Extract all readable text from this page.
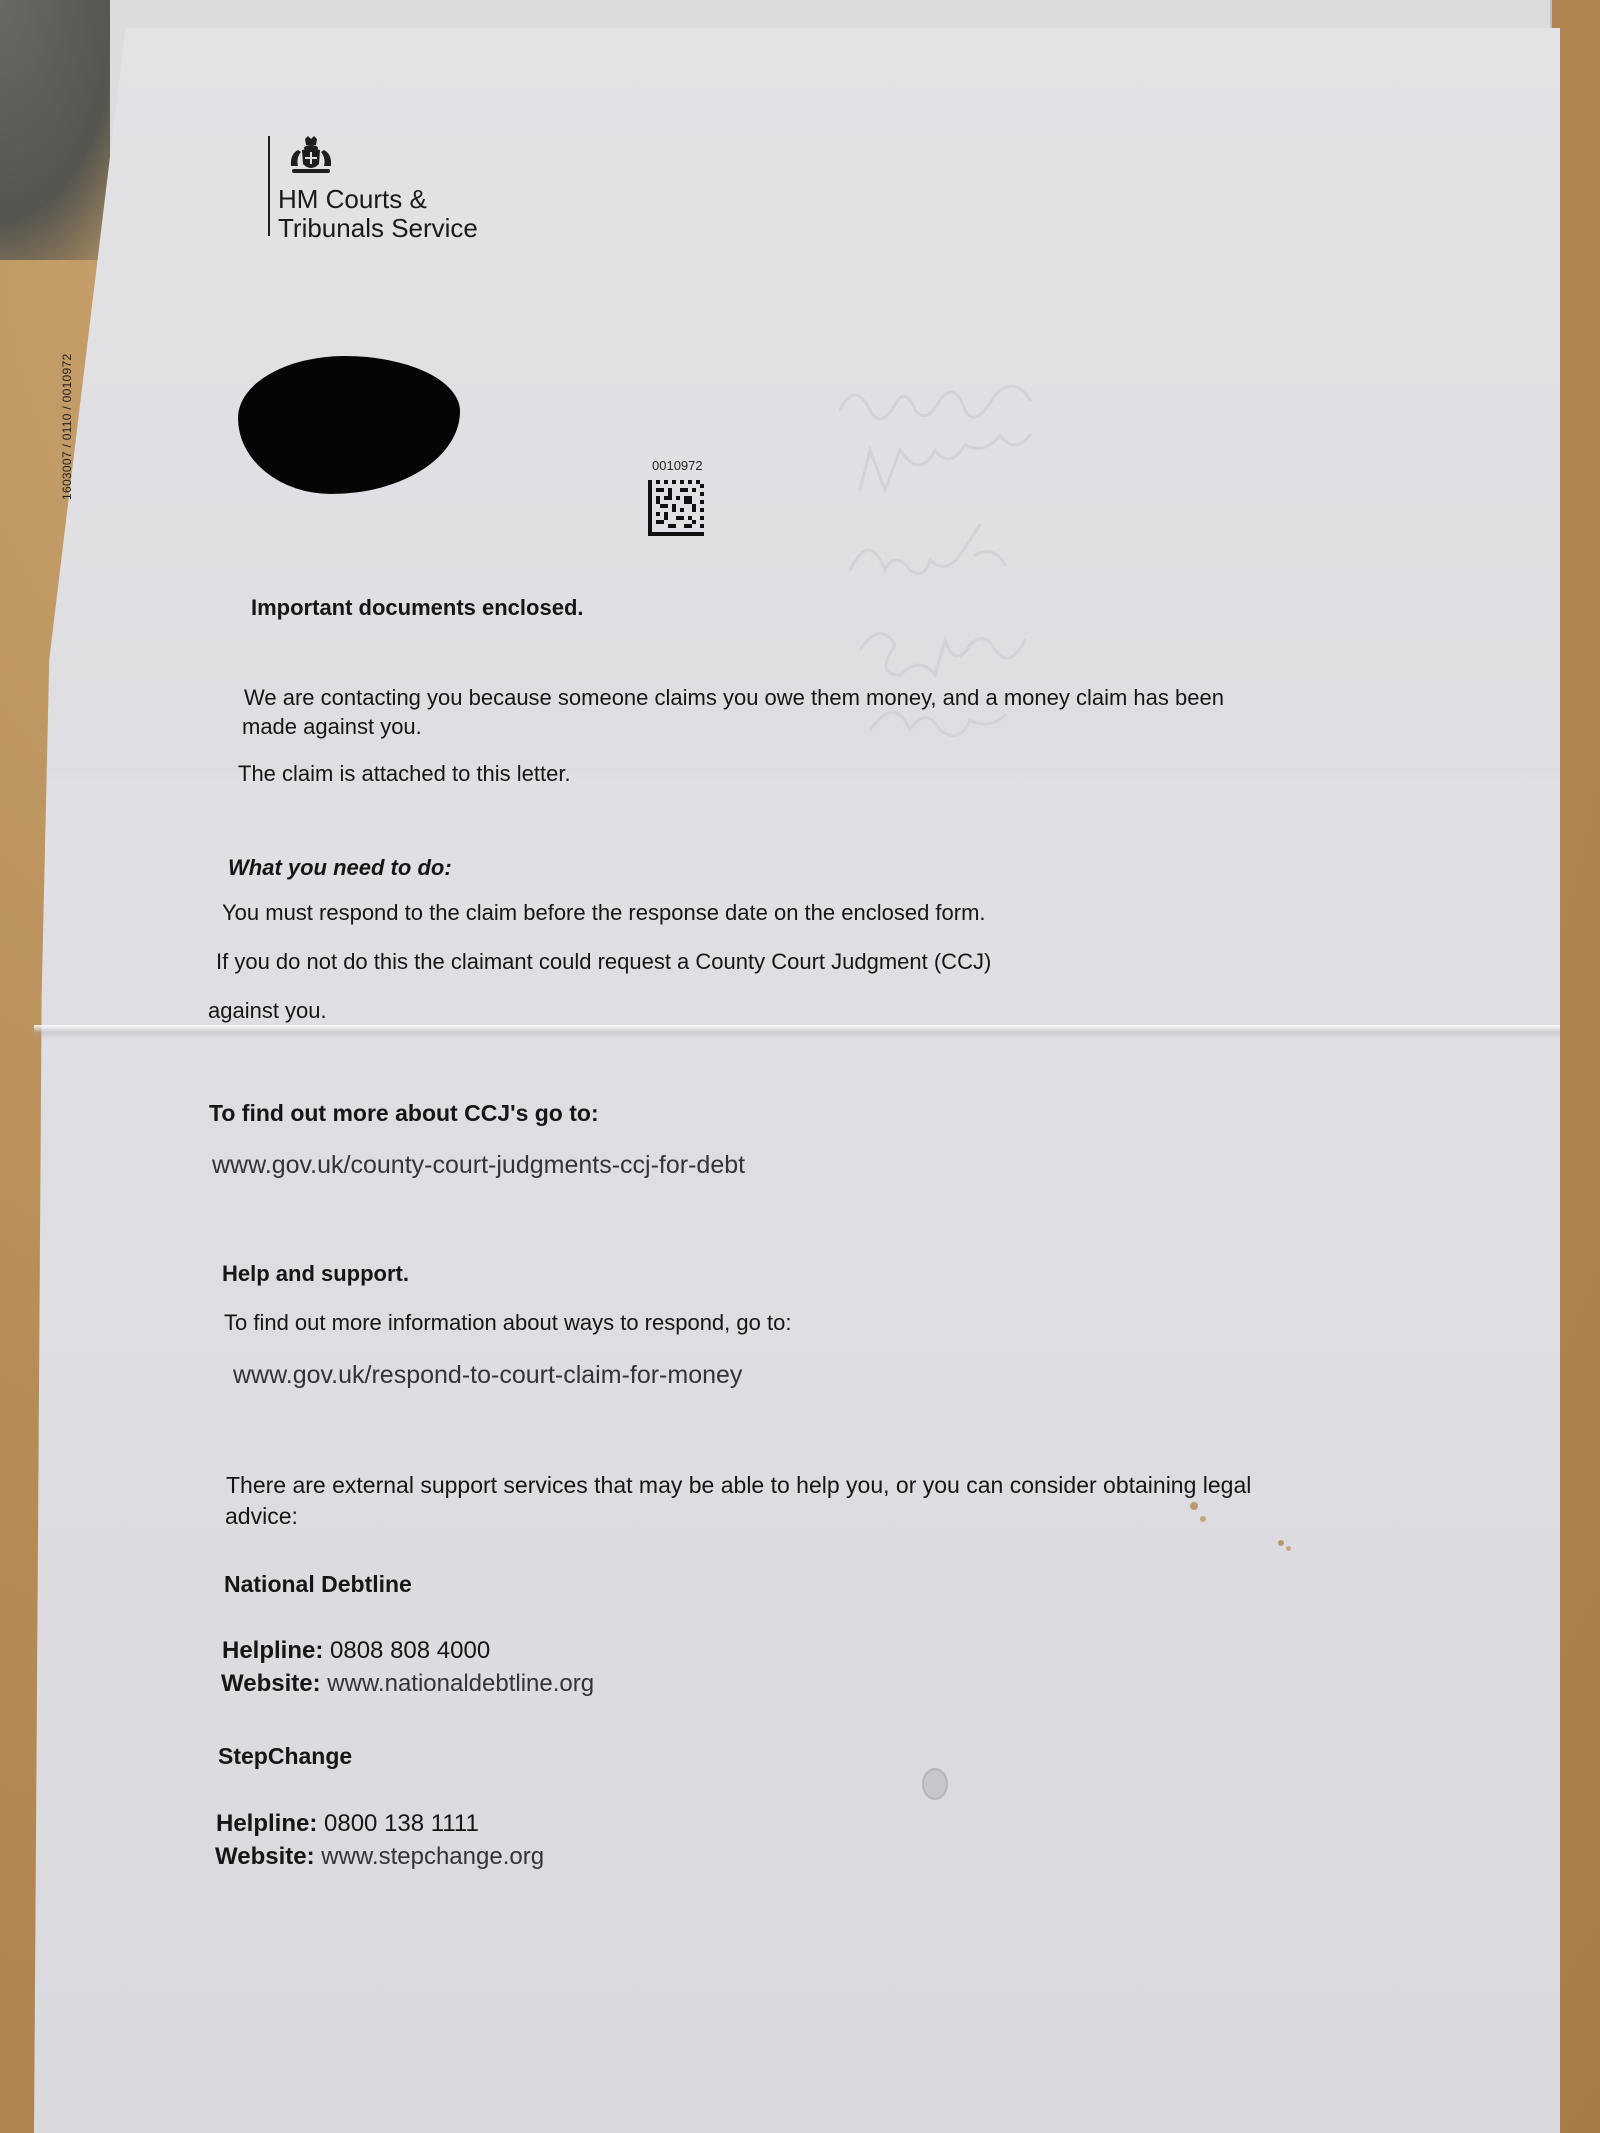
HM Courts &
Tribunals Service
1603007 / 0110 / 0010972	0010972
Important documents enclosed.
We are contacting you because someone claims you owe them money, and a money claim has been
made against you.
The claim is attached to this letter.
What you need to do:
You must respond to the claim before the response date on the enclosed form.
If you do not do this the claimant could request a County Court Judgment (CCJ)
against you.
To find out more about CCJ's go to:
www.gov.uk/county-court-judgments-ccj-for-debt
Help and support.
To find out more information about ways to respond, go to:
www.gov.uk/respond-to-court-claim-for-money
There are external support services that may be able to help you, or you can consider obtaining legal
advice:
National Debtline
Helpline: 0808 808 4000
Website: www.nationaldebtline.org
StepChange
Helpline: 0800 138 1111
Website: www.stepchange.org
